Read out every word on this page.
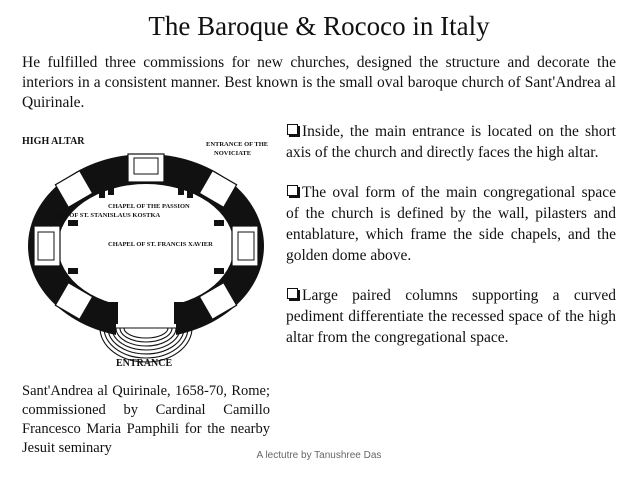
The Baroque & Rococo in Italy
He fulfilled three commissions for new churches, designed the structure and decorate the interiors in a consistent manner. Best known is the small oval baroque church of Sant'Andrea al Quirinale.
HIGH ALTAR	ENTRANCE OF THE
NOVICIATE
CHAPEL OF THE PASSION
ALTAR OF ST. STANISLAUS KOSTKA
CHAPEL OF ST. FRANCIS XAVIER
ENTRANCE
Sant'Andrea al Quirinale, 1658-70, Rome; commissioned by Cardinal Camillo Francesco Maria Pamphili for the nearby Jesuit seminary

Inside, the main entrance is located on the short axis of the church and directly faces the high altar.

The oval form of the main congregational space of the church is defined by the wall, pilasters and entablature, which frame the side chapels, and the golden dome above.

Large paired columns supporting a curved pediment differentiate the recessed space of the high altar from the congregational space.

A lectutre by Tanushree Das
